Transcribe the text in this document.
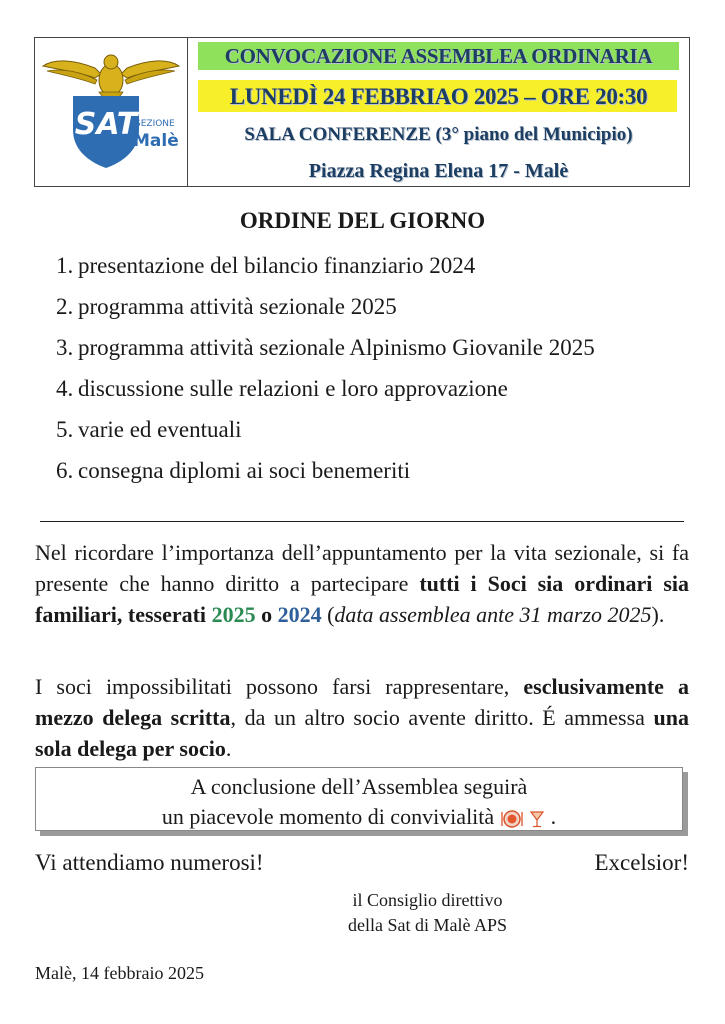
SAT
SEZIONE
Malè
CONVOCAZIONE ASSEMBLEA ORDINARIA
LUNEDÌ 24 FEBBRIAO 2025 – ORE 20:30
SALA CONFERENZE (3° piano del Municipio)
Piazza Regina Elena 17 - Malè
ORDINE DEL GIORNO
1. presentazione del bilancio finanziario 2024
2. programma attività sezionale 2025
3. programma attività sezionale Alpinismo Giovanile 2025
4. discussione sulle relazioni e loro approvazione
5. varie ed eventuali
6. consegna diplomi ai soci benemeriti
Nel ricordare l’importanza dell’appuntamento per la vita sezionale, si fa presente che hanno diritto a partecipare tutti i Soci sia ordinari sia familiari, tesserati 2025 o 2024 (data assemblea ante 31 marzo 2025).
I soci impossibilitati possono farsi rappresentare, esclusivamente a mezzo delega scritta, da un altro socio avente diritto. É ammessa una sola delega per socio.
A conclusione dell’Assemblea seguirà
un piacevole momento di convivialità	.
Vi attendiamo numerosi!	Excelsior!
il Consiglio direttivo
della Sat di Malè APS
Malè, 14 febbraio 2025
